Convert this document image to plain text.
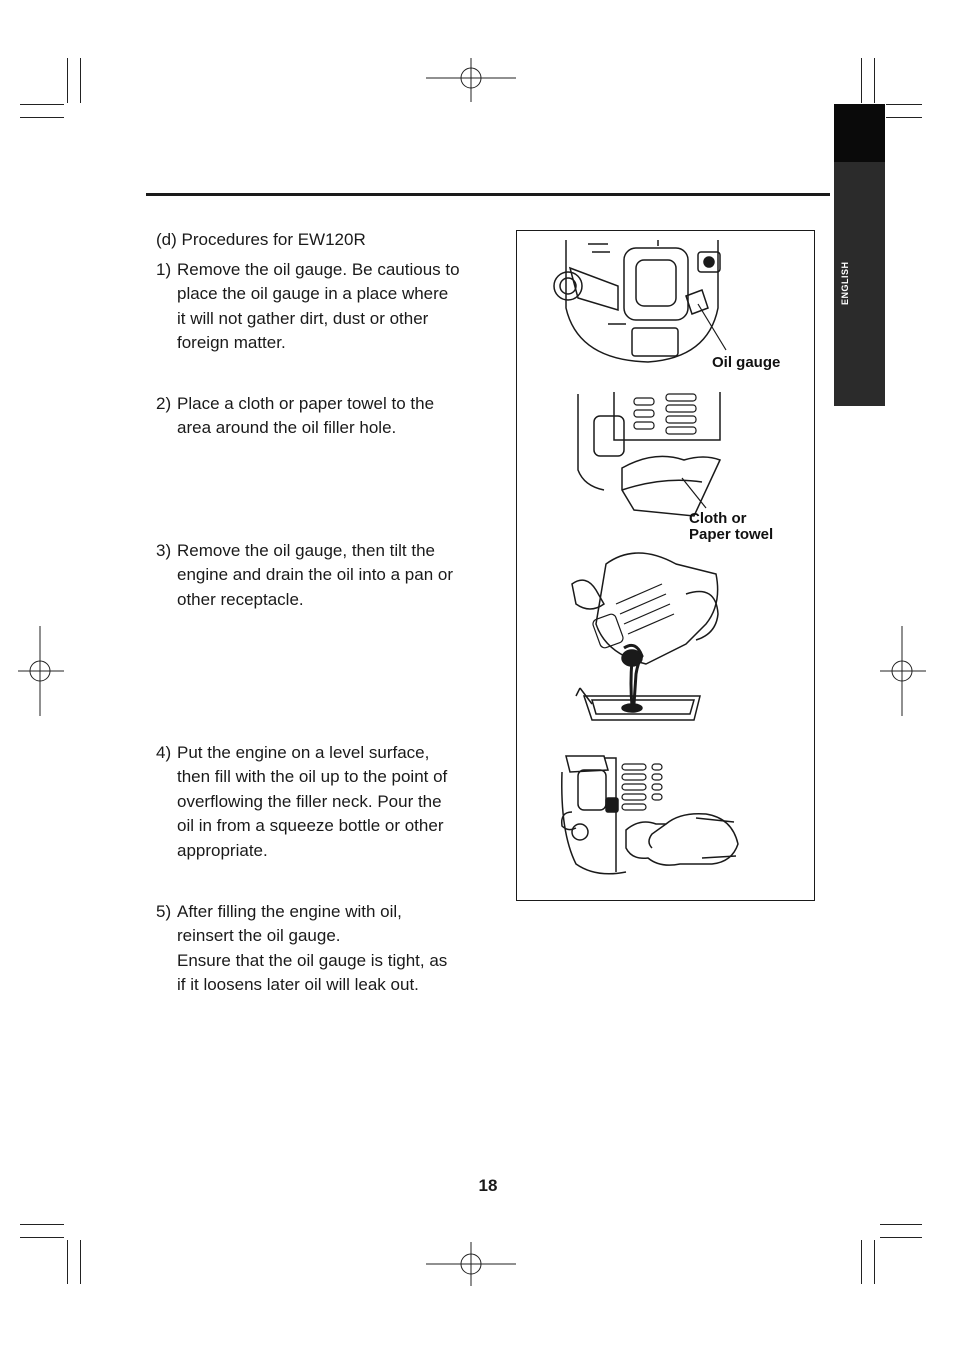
ENGLISH
(d) Procedures for EW120R
1) Remove the oil gauge. Be cautious to
place the oil gauge in a place where
it will not gather dirt, dust or other
foreign matter.
2) Place a cloth or paper towel to the
area around the oil filler hole.
3) Remove the oil gauge, then tilt the
engine and drain the oil into a pan or
other receptacle.
4) Put the engine on a level surface,
then fill with the oil up to the point of
overflowing the filler neck. Pour the
oil in from a squeeze bottle or other
appropriate.
5) After filling the engine with oil,
reinsert the oil gauge.
Ensure that the oil gauge is tight, as
if it loosens later oil will leak out.
Oil gauge
Cloth or
Paper towel
18
